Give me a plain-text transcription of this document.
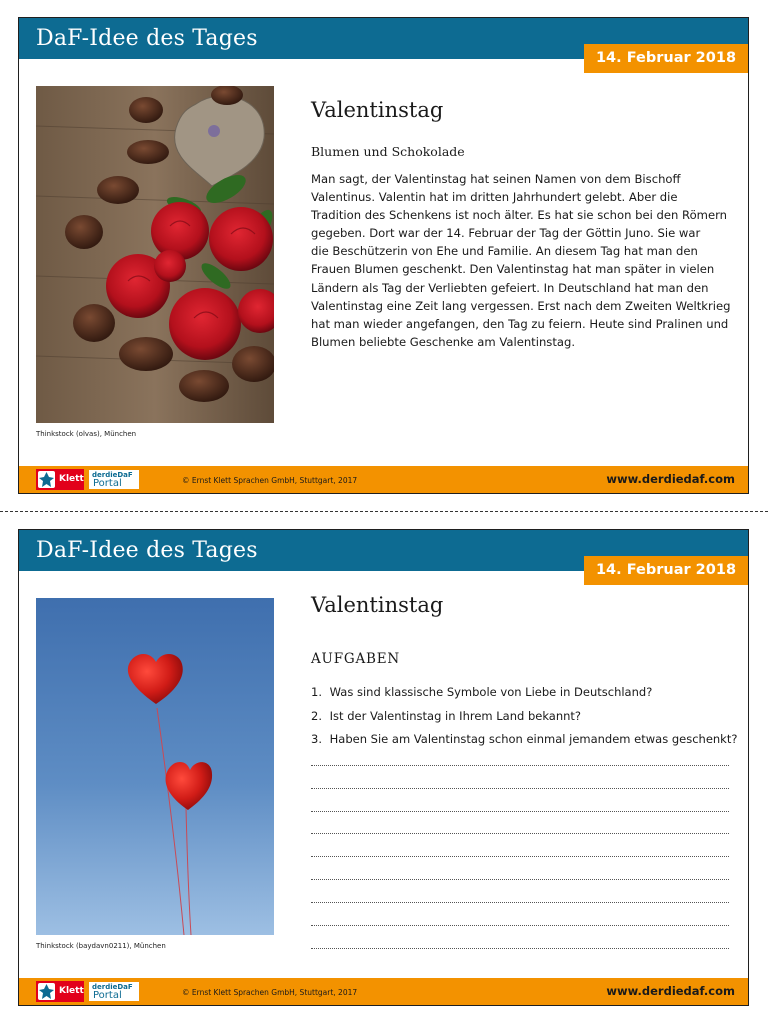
DaF-Idee des Tages
14. Februar 2018
Thinkstock (olvas), München
Valentinstag
Blumen und Schokolade
Man sagt, der Valentinstag hat seinen Namen von dem Bischoff
Valentinus. Valentin hat im dritten Jahrhundert gelebt. Aber die
Tradition des Schenkens ist noch älter. Es hat sie schon bei den Römern
gegeben. Dort war der 14. Februar der Tag der Göttin Juno. Sie war
die Beschützerin von Ehe und Familie. An diesem Tag hat man den
Frauen Blumen geschenkt. Den Valentinstag hat man später in vielen
Ländern als Tag der Verliebten gefeiert. In Deutschland hat man den
Valentinstag eine Zeit lang vergessen. Erst nach dem Zweiten Weltkrieg
hat man wieder angefangen, den Tag zu feiern. Heute sind Pralinen und
Blumen beliebte Geschenke am Valentinstag.
Klett derdieDaF
Portal	© Ernst Klett Sprachen GmbH, Stuttgart, 2017	www.derdiedaf.com
DaF-Idee des Tages
14. Februar 2018
Thinkstock (baydavn0211), München
Valentinstag
AUFGABEN
1. Was sind klassische Symbole von Liebe in Deutschland?
2. Ist der Valentinstag in Ihrem Land bekannt?
3. Haben Sie am Valentinstag schon einmal jemandem etwas geschenkt?
Klett derdieDaF
Portal	© Ernst Klett Sprachen GmbH, Stuttgart, 2017	www.derdiedaf.com
